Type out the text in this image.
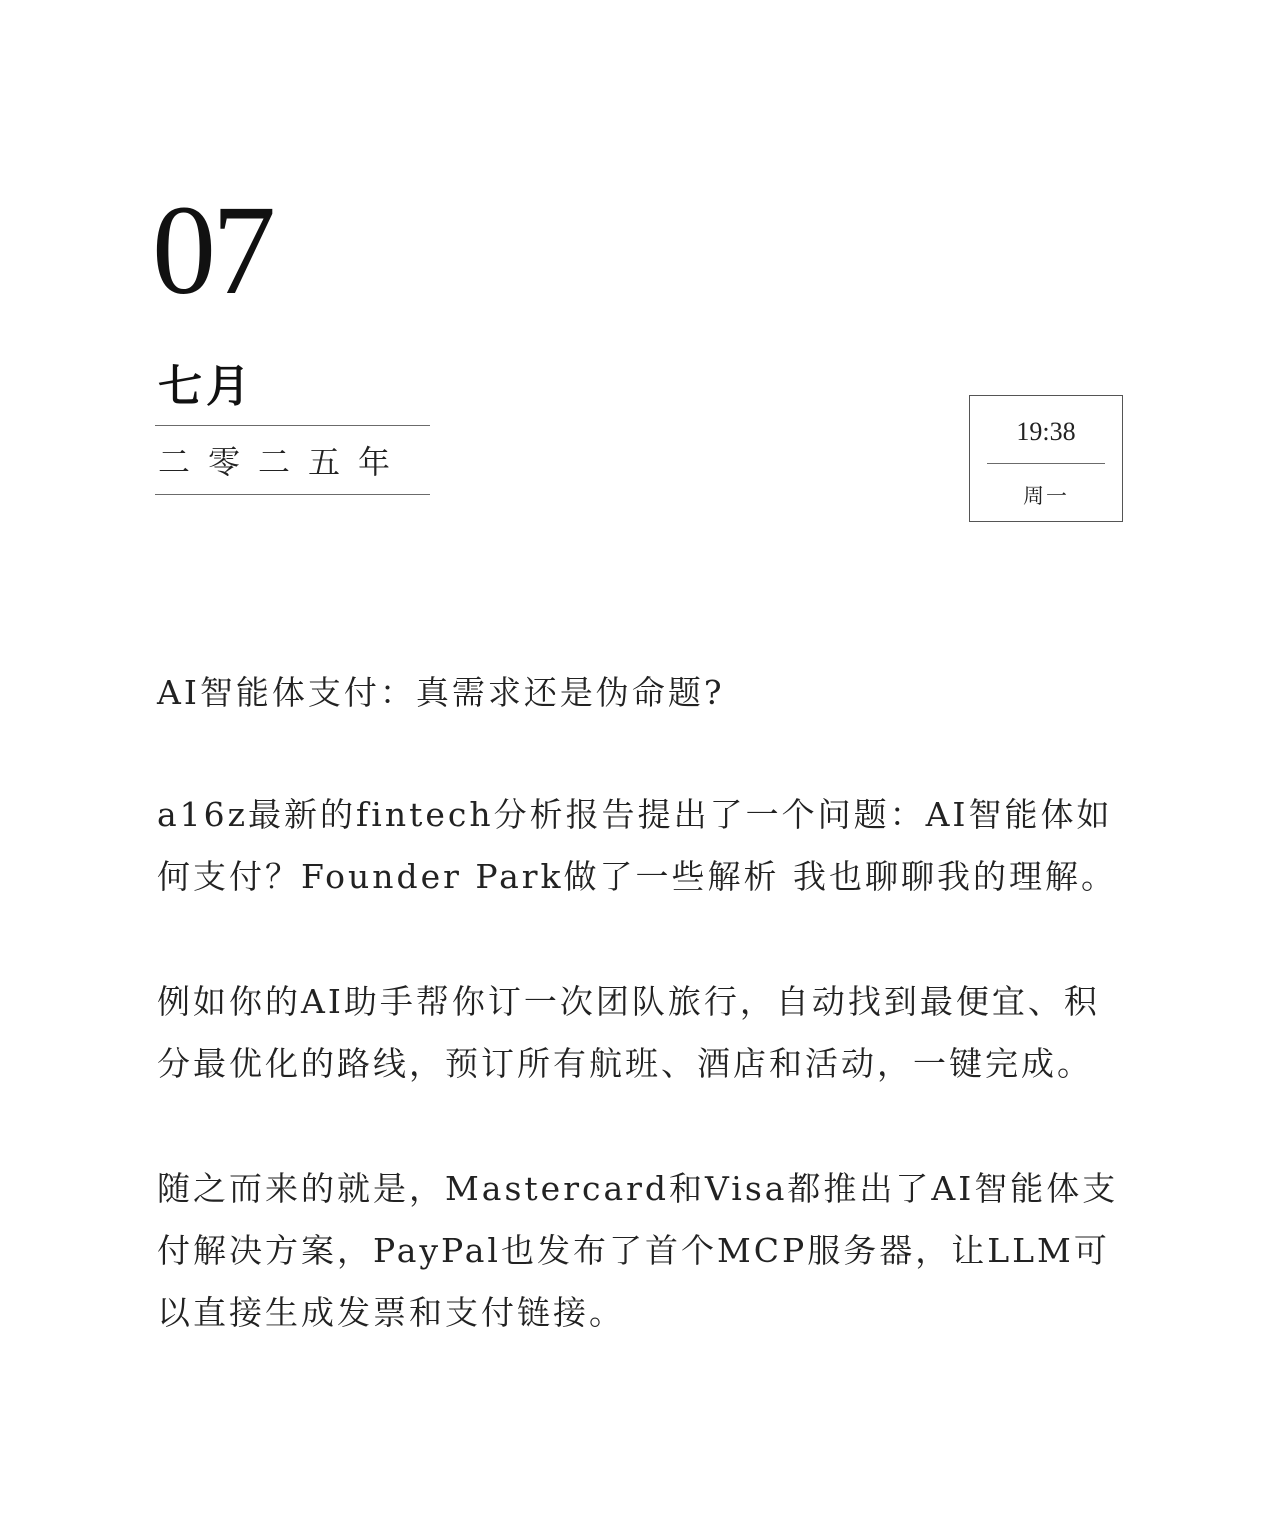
07
七月
二零二五年
19:38
周一
AI智能体支付：真需求还是伪命题?

a16z最新的fintech分析报告提出了一个问题：AI智能体如何支付？Founder Park做了一些解析 我也聊聊我的理解。

例如你的AI助手帮你订一次团队旅行，自动找到最便宜、积分最优化的路线，预订所有航班、酒店和活动，一键完成。

随之而来的就是，Mastercard和Visa都推出了AI智能体支付解决方案，PayPal也发布了首个MCP服务器，让LLM可以直接生成发票和支付链接。
